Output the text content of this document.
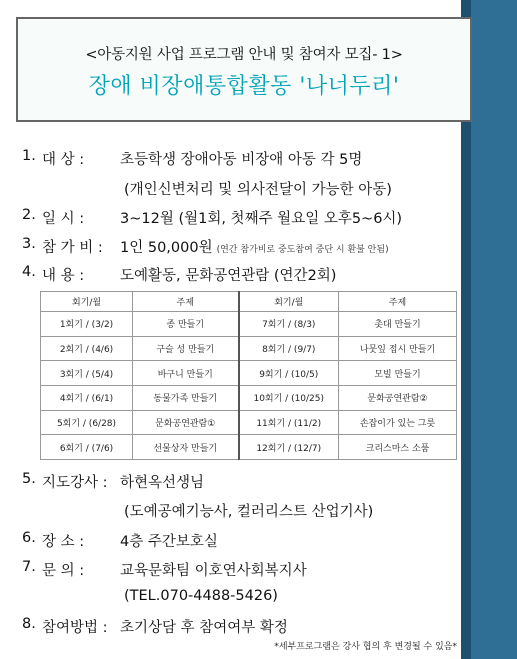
<아동지원 사업 프로그램 안내 및 참여자 모집- 1>
장애 비장애통합활동 '나너두리'
1. 대 상 : 초등학생 장애아동 비장애 아동 각 5명
(개인신변처리 및 의사전달이 가능한 아동)
2. 일 시 : 3~12월 (월1회, 첫째주 월요일 오후5~6시)
3. 참 가 비 : 1인 50,000원 (연간 참가비로 중도참여 중단 시 환불 안됨)
4. 내 용 : 도예활동, 문화공연관람 (연간2회)
회기/월	주제	회기/월	주제
1회기 / (3/2)	종 만들기	7회기 / (8/3)	촛대 만들기
2회기 / (4/6)	구슬 성 만들기	8회기 / (9/7)	나뭇잎 접시 만들기
3회기 / (5/4)	바구니 만들기	9회기 / (10/5)	모빌 만들기
4회기 / (6/1)	동물가족 만들기	10회기 / (10/25)	문화공연관람②
5회기 / (6/28)	문화공연관람①	11회기 / (11/2)	손잡이가 있는 그릇
6회기 / (7/6)	선물상자 만들기	12회기 / (12/7)	크리스마스 소품
5. 지도강사 : 하현옥선생님
(도예공예기능사, 컬러리스트 산업기사)
6. 장 소 : 4층 주간보호실
7. 문 의 : 교육문화팀 이호연사회복지사
(TEL.070-4488-5426)
8. 참여방법 : 초기상담 후 참여여부 확정
*세부프로그램은 강사 협의 후 변경될 수 있음*
